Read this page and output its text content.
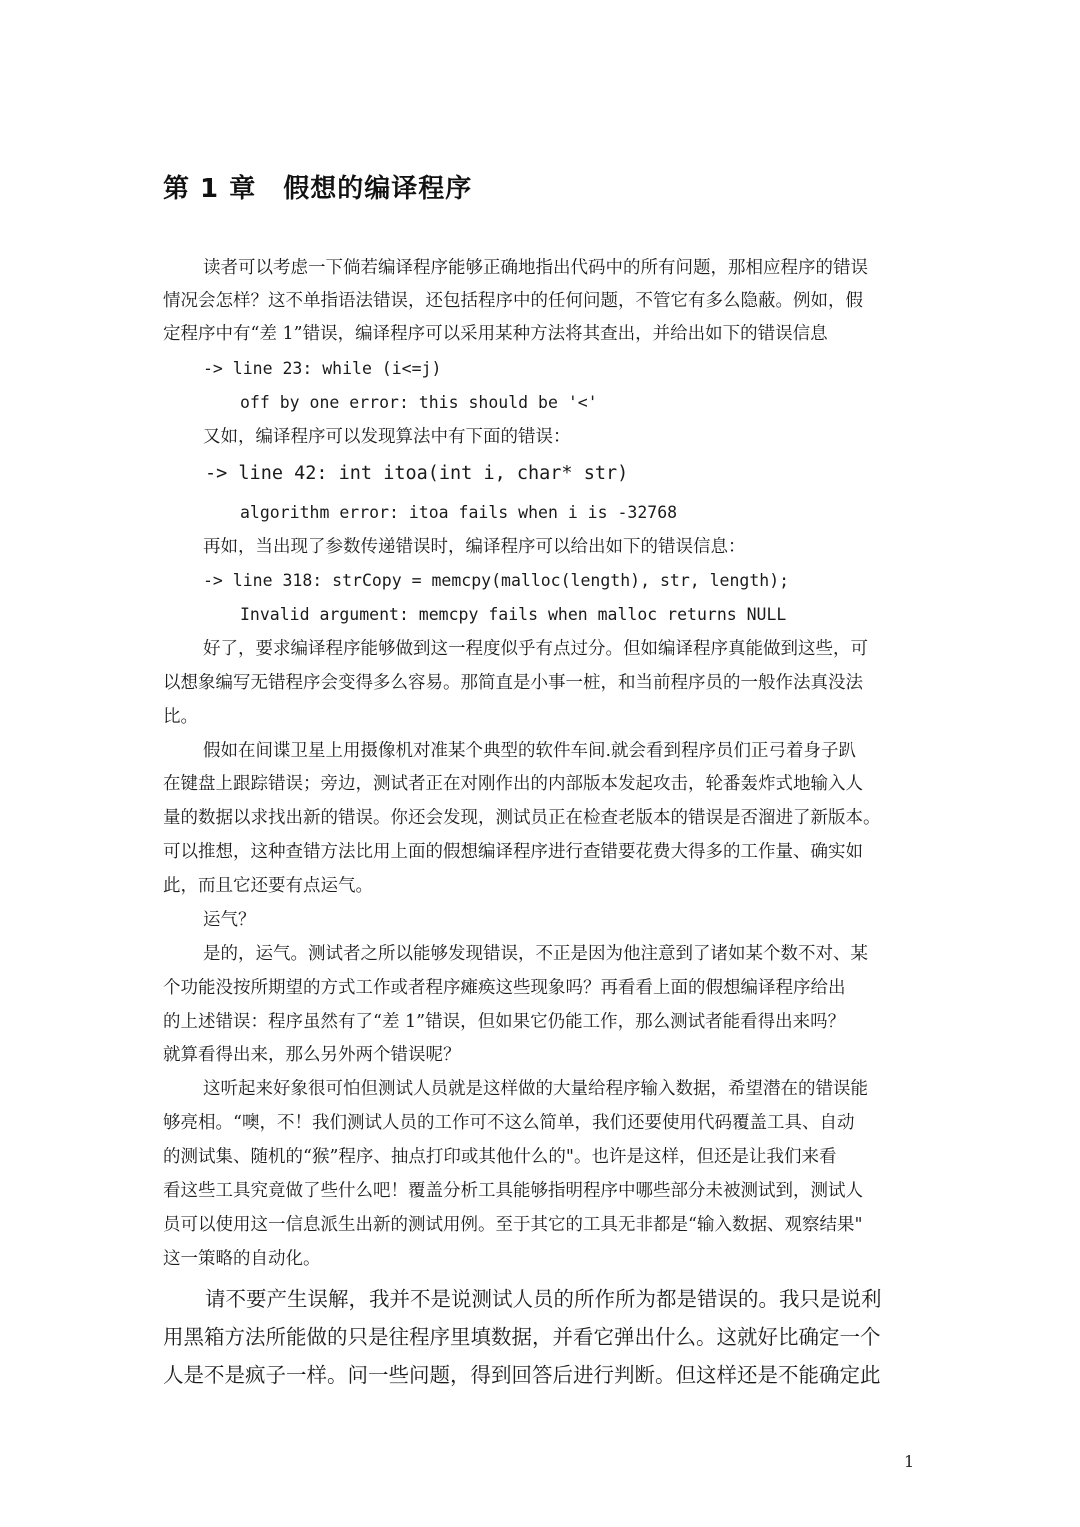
第 1 章　假想的编译程序
读者可以考虑一下倘若编译程序能够正确地指出代码中的所有问题，那相应程序的错误
情况会怎样？这不单指语法错误，还包括程序中的任何问题，不管它有多么隐蔽。例如，假
定程序中有“差 1”错误，编译程序可以采用某种方法将其查出，并给出如下的错误信息
-> line 23: while (i<=j)
off by one error: this should be '<'
又如，编译程序可以发现算法中有下面的错误：
-> line 42: int itoa(int i, char* str)
algorithm error: itoa fails when i is -32768
再如，当出现了参数传递错误时，编译程序可以给出如下的错误信息：
-> line 318: strCopy = memcpy(malloc(length), str, length);
Invalid argument: memcpy fails when malloc returns NULL
好了，要求编译程序能够做到这一程度似乎有点过分。但如编译程序真能做到这些，可
以想象编写无错程序会变得多么容易。那简直是小事一桩，和当前程序员的一般作法真没法
比。
假如在间谍卫星上用摄像机对准某个典型的软件车间.就会看到程序员们正弓着身子趴
在键盘上跟踪错误；旁边，测试者正在对刚作出的内部版本发起攻击，轮番轰炸式地输入人
量的数据以求找出新的错误。你还会发现，测试员正在检查老版本的错误是否溜进了新版本。
可以推想，这种查错方法比用上面的假想编译程序进行查错要花费大得多的工作量、确实如
此，而且它还要有点运气。
运气？
是的，运气。测试者之所以能够发现错误，不正是因为他注意到了诸如某个数不对、某
个功能没按所期望的方式工作或者程序瘫痪这些现象吗？再看看上面的假想编译程序给出
的上述错误：程序虽然有了“差 1”错误，但如果它仍能工作，那么测试者能看得出来吗？
就算看得出来，那么另外两个错误呢？
这听起来好象很可怕但测试人员就是这样做的大量给程序输入数据，希望潜在的错误能
够亮相。“噢，不！我们测试人员的工作可不这么简单，我们还要使用代码覆盖工具、自动
的测试集、随机的“猴”程序、抽点打印或其他什么的"。也许是这样，但还是让我们来看
看这些工具究竟做了些什么吧！覆盖分析工具能够指明程序中哪些部分未被测试到，测试人
员可以使用这一信息派生出新的测试用例。至于其它的工具无非都是“输入数据、观察结果"
这一策略的自动化。
请不要产生误解，我并不是说测试人员的所作所为都是错误的。我只是说利
用黑箱方法所能做的只是往程序里填数据，并看它弹出什么。这就好比确定一个
人是不是疯子一样。问一些问题，得到回答后进行判断。但这样还是不能确定此
1
